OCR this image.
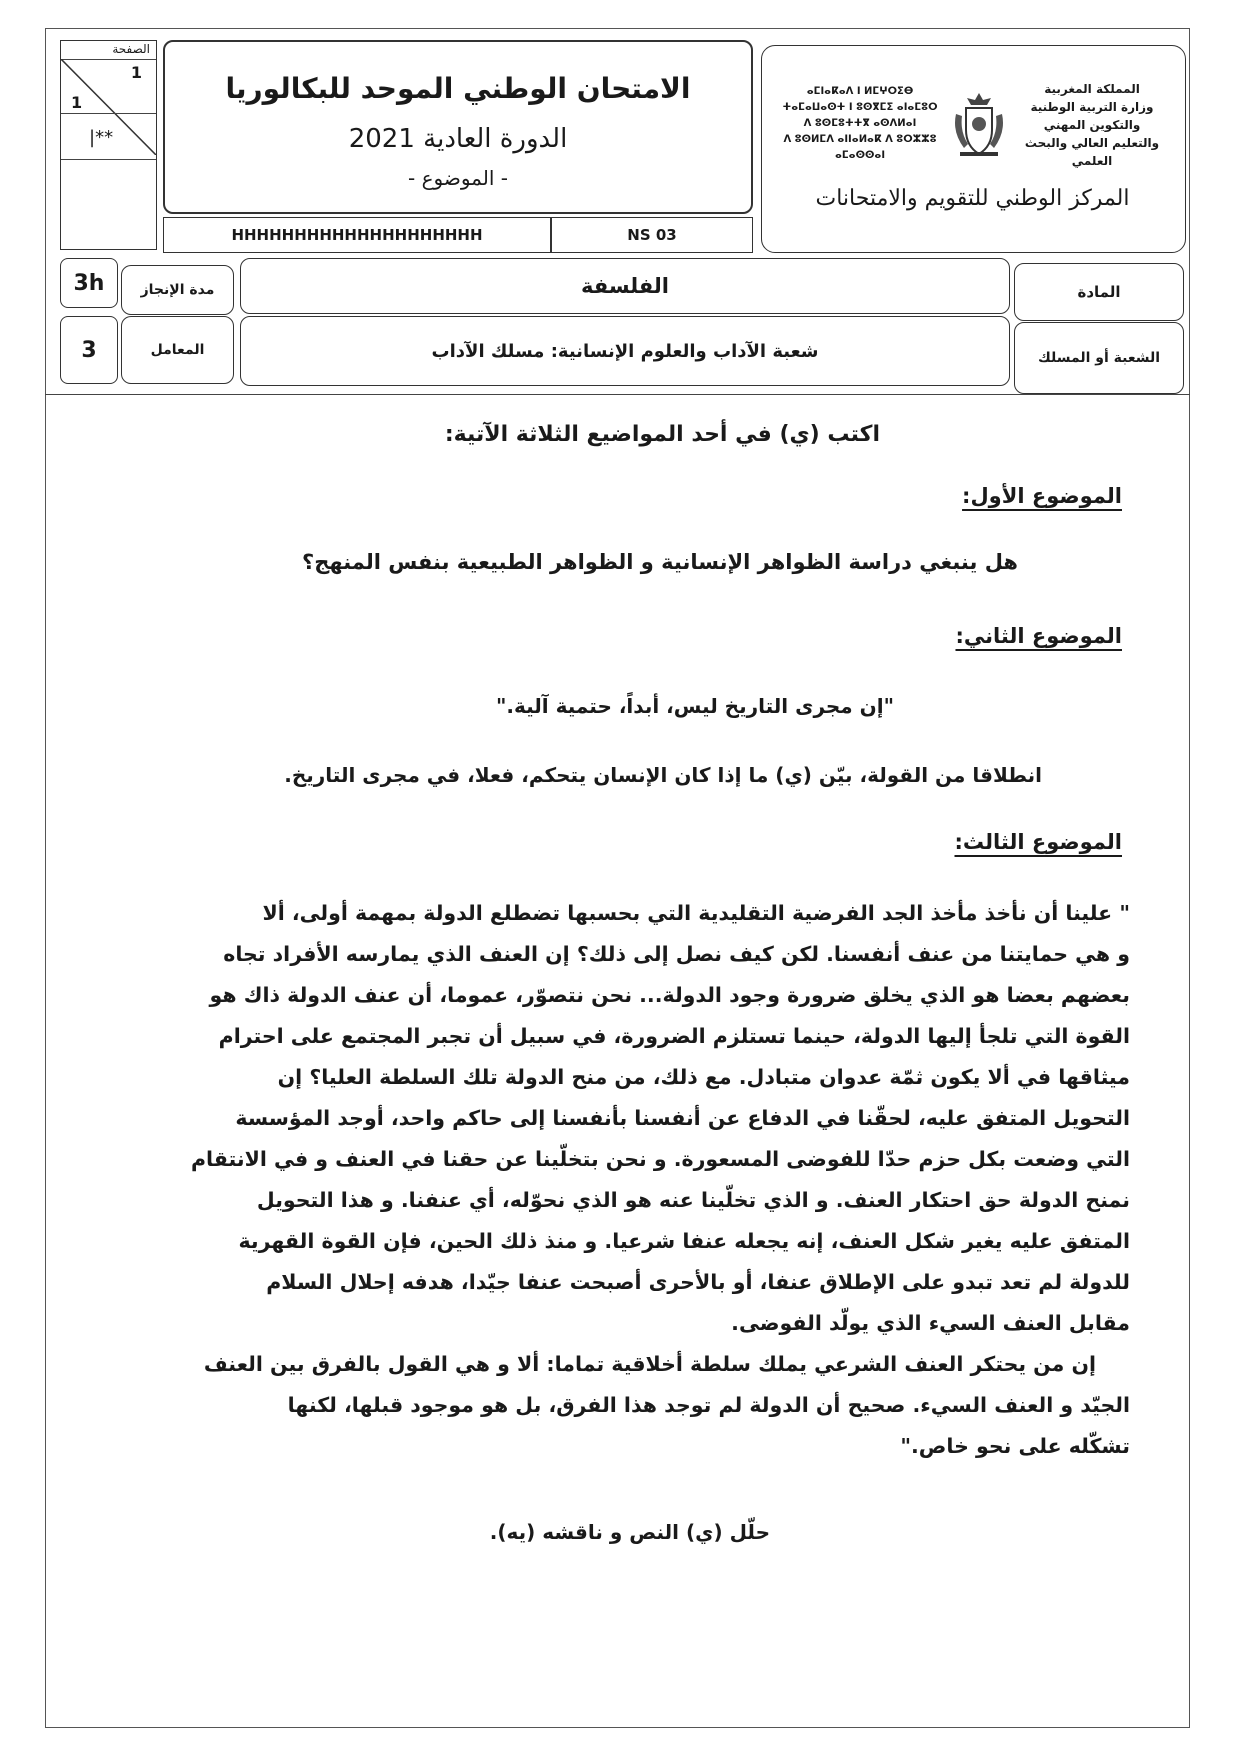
الصفحة
1
1
**|
الامتحان الوطني الموحد للبكالوريا
الدورة العادية 2021
- الموضوع -
HHHHHHHHHHHHHHHHHHHH	NS 03
ⴰⵎⵏⴰⴽⴰⴷ ⵏ ⵍⵎⵖⵔⵉⴱ
ⵜⴰⵎⴰⵡⴰⵙⵜ ⵏ ⵓⵙⴳⵎⵉ ⴰⵏⴰⵎⵓⵔ
ⴷ ⵓⵙⵎⵓⵜⵜⴳ ⴰⵙⴷⵍⴰⵏ
ⴷ ⵓⵙⵍⵎⴷ ⴰⵏⵏⴰⵍⴰⴽ ⴷ ⵓⵔⵣⵣⵓ ⴰⵎⴰⵙⵙⴰⵏ
المملكة المغربية
وزارة التربية الوطنية
والتكوين المهني
والتعليم العالي والبحث العلمي
المركز الوطني للتقويم والامتحانات
3h	مدة الإنجاز	الفلسفة	المادة
3	المعامل	شعبة الآداب والعلوم الإنسانية: مسلك الآداب	الشعبة أو المسلك
اكتب (ي) في أحد المواضيع الثلاثة الآتية:
الموضوع الأول:
هل ينبغي دراسة الظواهر الإنسانية و الظواهر الطبيعية بنفس المنهج؟
الموضوع الثاني:
"إن مجرى التاريخ ليس، أبداً، حتمية آلية."
انطلاقا من القولة، بيّن (ي) ما إذا كان الإنسان يتحكم، فعلا، في مجرى التاريخ.
الموضوع الثالث:
" علينا أن نأخذ مأخذ الجد الفرضية التقليدية التي بحسبها تضطلع الدولة بمهمة أولى، ألا
و هي حمايتنا من عنف أنفسنا. لكن كيف نصل إلى ذلك؟ إن العنف الذي يمارسه الأفراد تجاه
بعضهم بعضا هو الذي يخلق ضرورة وجود الدولة... نحن نتصوّر، عموما، أن عنف الدولة ذاك هو
القوة التي تلجأ إليها الدولة، حينما تستلزم الضرورة، في سبيل أن تجبر المجتمع على احترام
ميثاقها في ألا يكون ثمّة عدوان متبادل. مع ذلك، من منح الدولة تلك السلطة العليا؟ إن
التحويل المتفق عليه، لحقّنا في الدفاع عن أنفسنا بأنفسنا إلى حاكم واحد، أوجد المؤسسة
التي وضعت بكل حزم حدّا للفوضى المسعورة. و نحن بتخلّينا عن حقنا في العنف و في الانتقام
نمنح الدولة حق احتكار العنف. و الذي تخلّينا عنه هو الذي نحوّله، أي عنفنا. و هذا التحويل
المتفق عليه يغير شكل العنف، إنه يجعله عنفا شرعيا. و منذ ذلك الحين، فإن القوة القهرية
للدولة لم تعد تبدو على الإطلاق عنفا، أو بالأحرى أصبحت عنفا جيّدا، هدفه إحلال السلام
مقابل العنف السيء الذي يولّد الفوضى.
إن من يحتكر العنف الشرعي يملك سلطة أخلاقية تماما: ألا و هي القول بالفرق بين العنف
الجيّد و العنف السيء. صحيح أن الدولة لم توجد هذا الفرق، بل هو موجود قبلها، لكنها
تشكّله على نحو خاص."
حلّل (ي) النص و ناقشه (يه).
